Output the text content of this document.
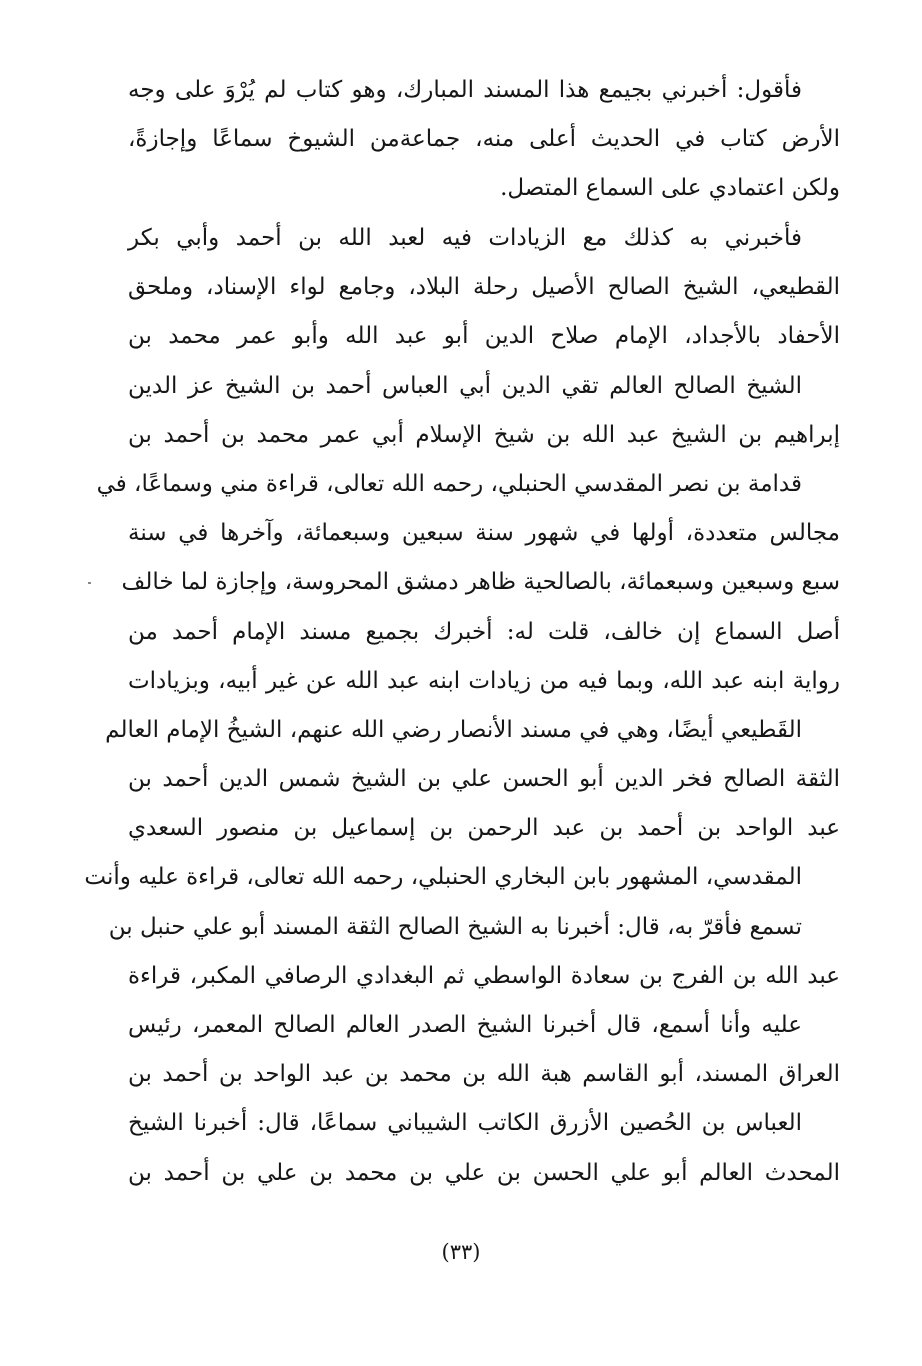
فأقول: أخبرني بجيمع هذا المسند المبارك، وهو كتاب لم يُرْوَ على وجه
الأرض كتاب في الحديث أعلى منه، جماعةمن الشيوخ سماعًا وإجازةً،
ولكن اعتمادي على السماع المتصل.
فأخبرني به كذلك مع الزيادات فيه لعبد الله بن أحمد وأبي بكر
القطيعي، الشيخ الصالح الأصيل رحلة البلاد، وجامع لواء الإسناد، وملحق
الأحفاد بالأجداد، الإمام صلاح الدين أبو عبد الله وأبو عمر محمد بن
الشيخ الصالح العالم تقي الدين أبي العباس أحمد بن الشيخ عز الدين
إبراهيم بن الشيخ عبد الله بن شيخ الإسلام أبي عمر محمد بن أحمد بن
قدامة بن نصر المقدسي الحنبلي، رحمه الله تعالى، قراءة مني وسماعًا، في
مجالس متعددة، أولها في شهور سنة سبعين وسبعمائة، وآخرها في سنة
سبع وسبعين وسبعمائة، بالصالحية ظاهر دمشق المحروسة، وإجازة لما خالف
أصل السماع إن خالف، قلت له: أخبرك بجميع مسند الإمام أحمد من
رواية ابنه عبد الله، وبما فيه من زيادات ابنه عبد الله عن غير أبيه، وبزيادات
القَطيعي أيضًا، وهي في مسند الأنصار رضي الله عنهم، الشيخُ الإمام العالم
الثقة الصالح فخر الدين أبو الحسن علي بن الشيخ شمس الدين أحمد بن
عبد الواحد بن أحمد بن عبد الرحمن بن إسماعيل بن منصور السعدي
المقدسي، المشهور بابن البخاري الحنبلي، رحمه الله تعالى، قراءة عليه وأنت
تسمع فأقرّ به، قال: أخبرنا به الشيخ الصالح الثقة المسند أبو علي حنبل بن
عبد الله بن الفرج بن سعادة الواسطي ثم البغدادي الرصافي المكبر، قراءة
عليه وأنا أسمع، قال أخبرنا الشيخ الصدر العالم الصالح المعمر، رئيس
العراق المسند، أبو القاسم هبة الله بن محمد بن عبد الواحد بن أحمد بن
العباس بن الحُصين الأزرق الكاتب الشيباني سماعًا، قال: أخبرنا الشيخ
المحدث العالم أبو علي الحسن بن علي بن محمد بن علي بن أحمد بن
(٣٣)
